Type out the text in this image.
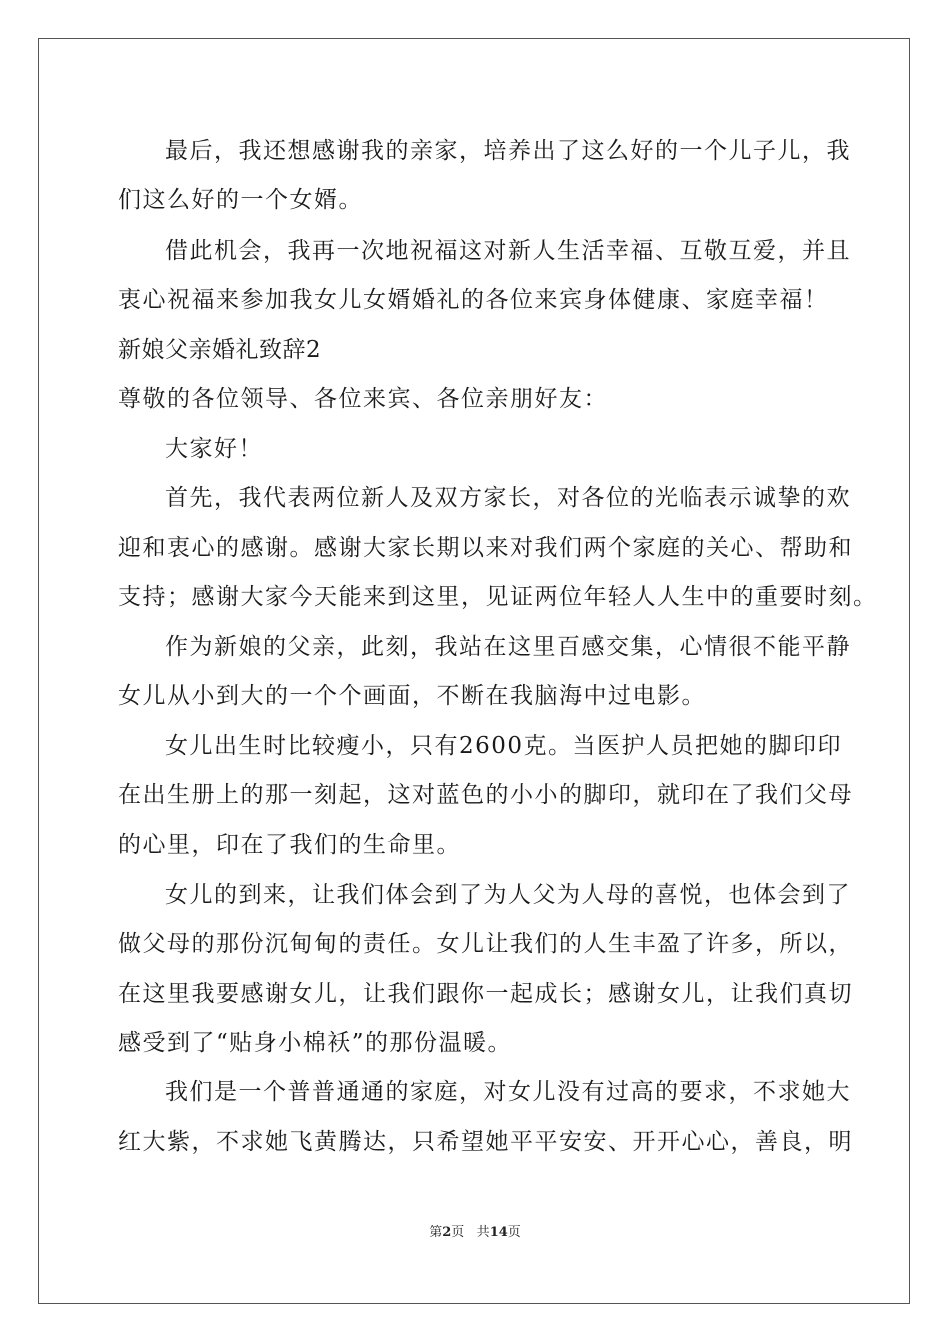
最后，我还想感谢我的亲家，培养出了这么好的一个儿子儿，我
们这么好的一个女婿。
借此机会，我再一次地祝福这对新人生活幸福、互敬互爱，并且
衷心祝福来参加我女儿女婿婚礼的各位来宾身体健康、家庭幸福！
新娘父亲婚礼致辞2
尊敬的各位领导、各位来宾、各位亲朋好友：
大家好！
首先，我代表两位新人及双方家长，对各位的光临表示诚挚的欢
迎和衷心的感谢。感谢大家长期以来对我们两个家庭的关心、帮助和
支持；感谢大家今天能来到这里，见证两位年轻人人生中的重要时刻。
作为新娘的父亲，此刻，我站在这里百感交集，心情很不能平静
女儿从小到大的一个个画面，不断在我脑海中过电影。
女儿出生时比较瘦小，只有2600克。当医护人员把她的脚印印
在出生册上的那一刻起，这对蓝色的小小的脚印，就印在了我们父母
的心里，印在了我们的生命里。
女儿的到来，让我们体会到了为人父为人母的喜悦，也体会到了
做父母的那份沉甸甸的责任。女儿让我们的人生丰盈了许多，所以，
在这里我要感谢女儿，让我们跟你一起成长；感谢女儿，让我们真切
感受到了“贴身小棉袄”的那份温暖。
我们是一个普普通通的家庭，对女儿没有过高的要求，不求她大
红大紫，不求她飞黄腾达，只希望她平平安安、开开心心，善良，明
第2页 共14页
